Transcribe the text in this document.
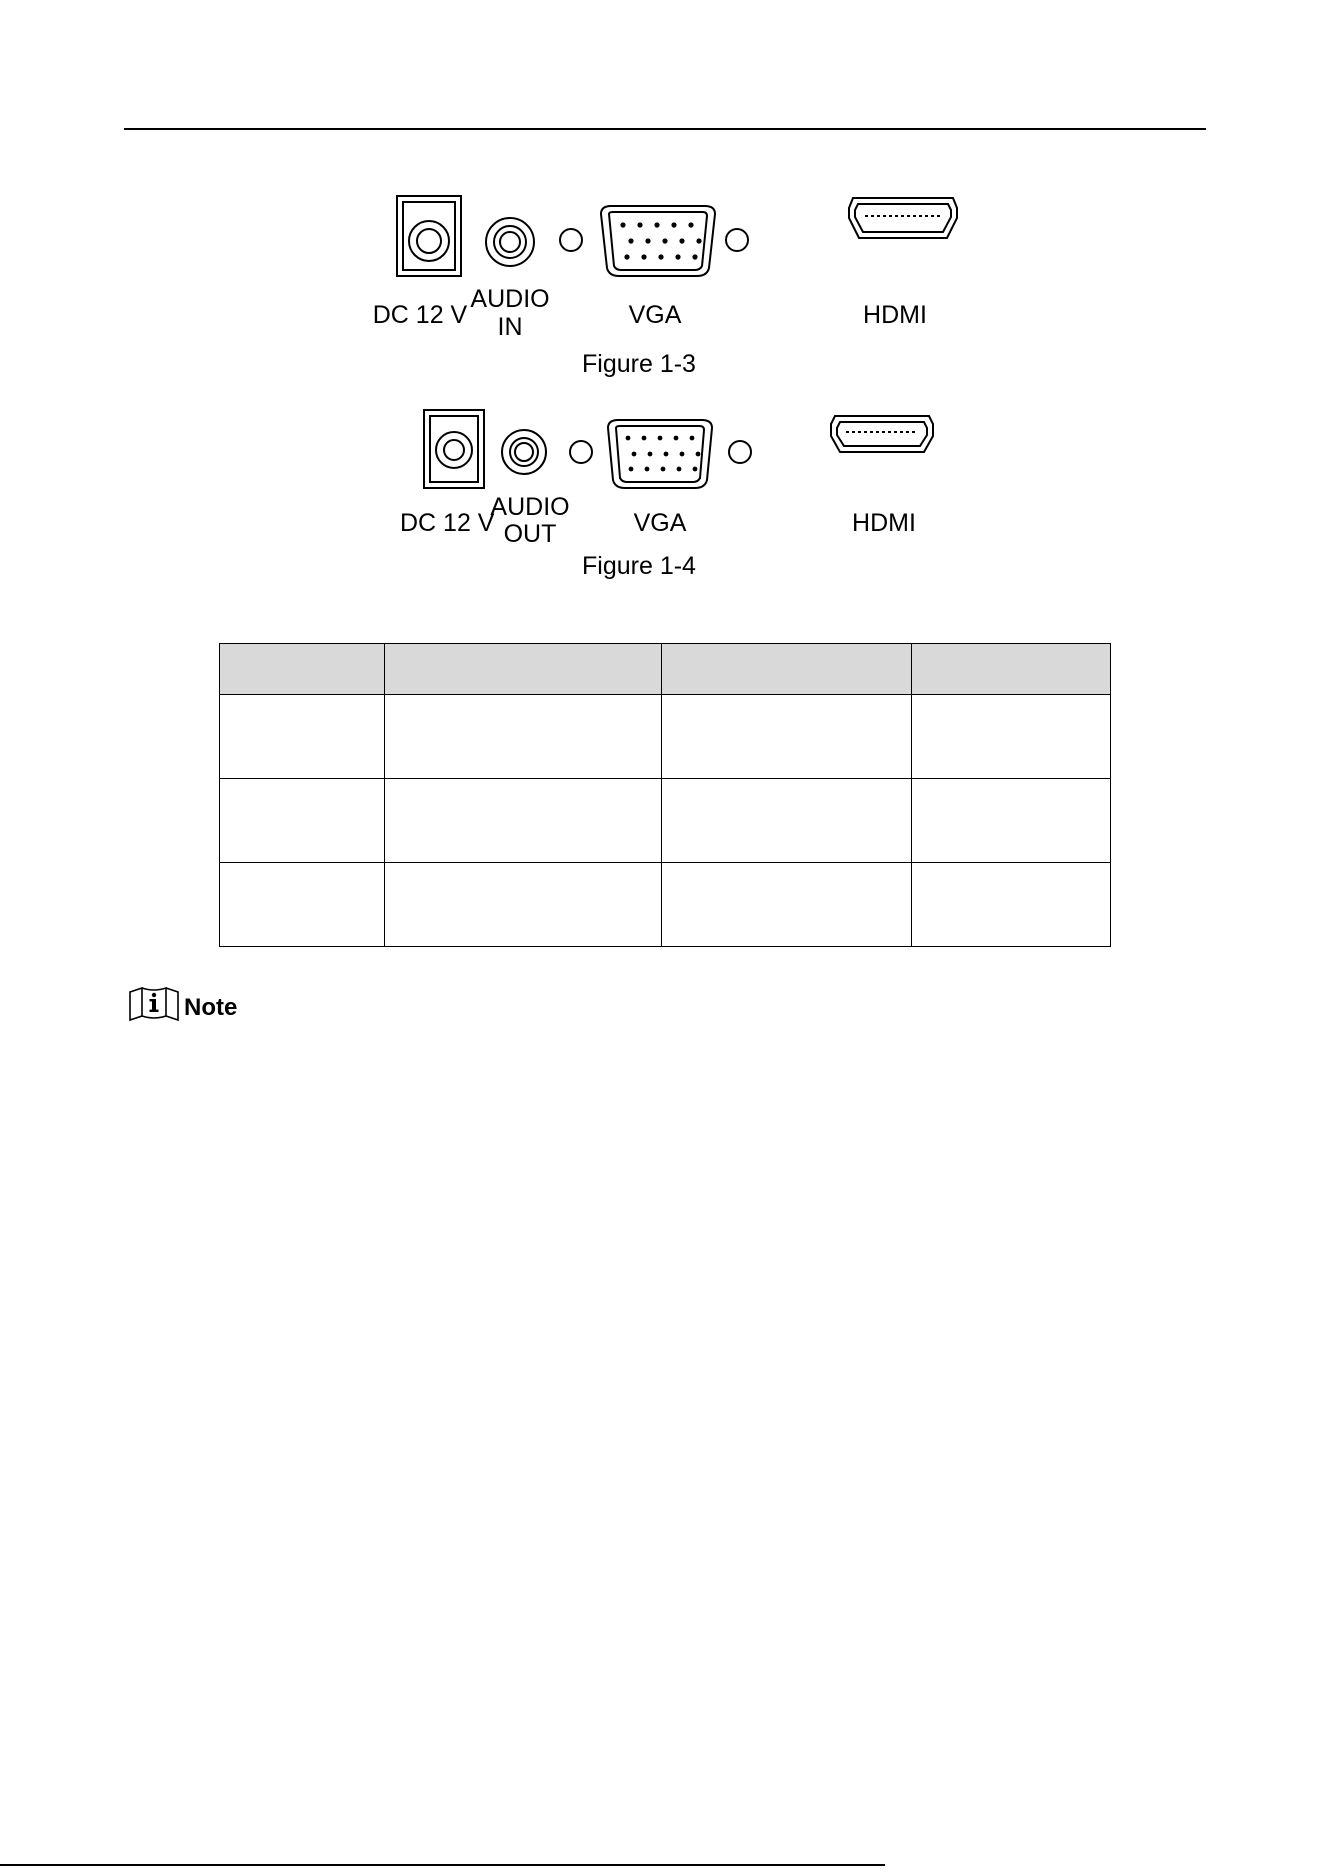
DC 12 V
AUDIO
IN	VGA	HDMI
Figure 1-3
DC 12 V
AUDIO
OUT	VGA	HDMI
Figure 1-4

Note
